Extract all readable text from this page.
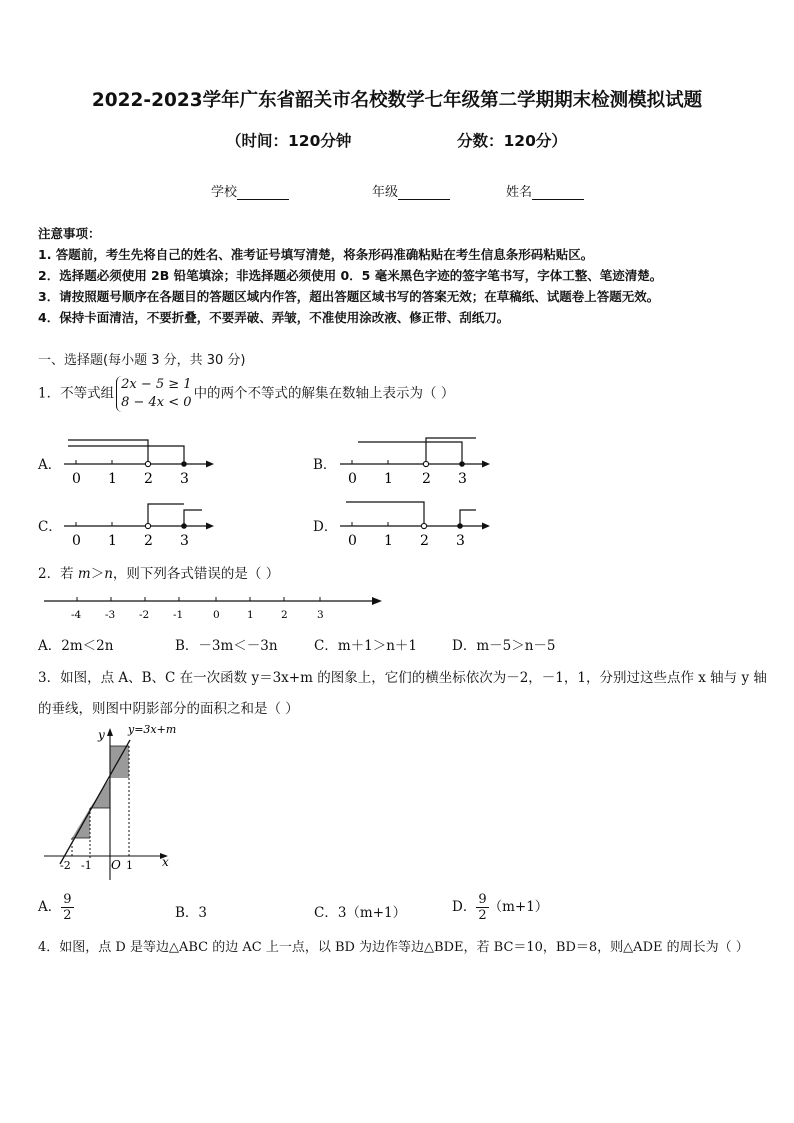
2022-2023学年广东省韶关市名校数学七年级第二学期期末检测模拟试题
（时间：120分钟	分数：120分）
学校	年级	姓名
注意事项：
1. 答题前，考生先将自己的姓名、准考证号填写清楚，将条形码准确粘贴在考生信息条形码粘贴区。
2．选择题必须使用 2B 铅笔填涂；非选择题必须使用 0．5 毫米黑色字迹的签字笔书写，字体工整、笔迹清楚。
3．请按照题号顺序在各题目的答题区域内作答，超出答题区域书写的答案无效；在草稿纸、试题卷上答题无效。
4．保持卡面清洁，不要折叠，不要弄破、弄皱，不准使用涂改液、修正带、刮纸刀。
一、选择题(每小题 3 分，共 30 分)
1．不等式组
2x − 5 ≥ 1
8 − 4x < 0
中的两个不等式的解集在数轴上表示为（ ）
A．
0 1 2 3
B．
0 1 2 3
C．
0 1 2 3
D．
0 1 2 3
2．若 m＞n，则下列各式错误的是（ ）
-4 -3 -2 -1	0	1	2	3
A．2m＜2n	B．－3m＜－3n	C．m＋1＞n＋1	D．m－5＞n－5
3．如图，点 A、B、C 在一次函数 y＝3x+m 的图象上，它们的横坐标依次为－2，－1，1，分别过这些点作 x 轴与 y 轴
的垂线，则图中阴影部分的面积之和是（ ）
y=3x+m
y
x
O
-2 -1	1
A． $\frac{9}{2}$	B．3	C．3（m+1）	D． $\frac{9}{2} (m+1)$
4．如图，点 D 是等边△ABC 的边 AC 上一点，以 BD 为边作等边△BDE，若 BC＝10，BD＝8，则△ADE 的周长为（ ）
